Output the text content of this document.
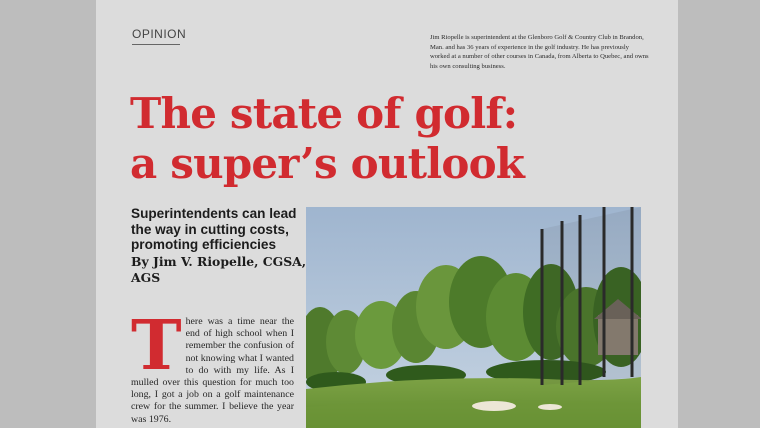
OPINION	Jim Riopelle is superintendent at the Glenboro Golf & Country Club in Brandon, Man. and has 36 years of experience in the golf industry. He has previously worked at a number of other courses in Canada, from Alberta to Quebec, and owns his own consulting business.

The state of golf:
a super’s outlook

Superintendents can lead the way in cutting costs, promoting efficiencies

By Jim V. Riopelle, CGSA, AGS

There was a time near the end of high school when I remember the confusion of not knowing what I wanted to do with my life. As I mulled over this question for much too long, I got a job on a golf maintenance crew for the summer. I believe the year was 1976.
